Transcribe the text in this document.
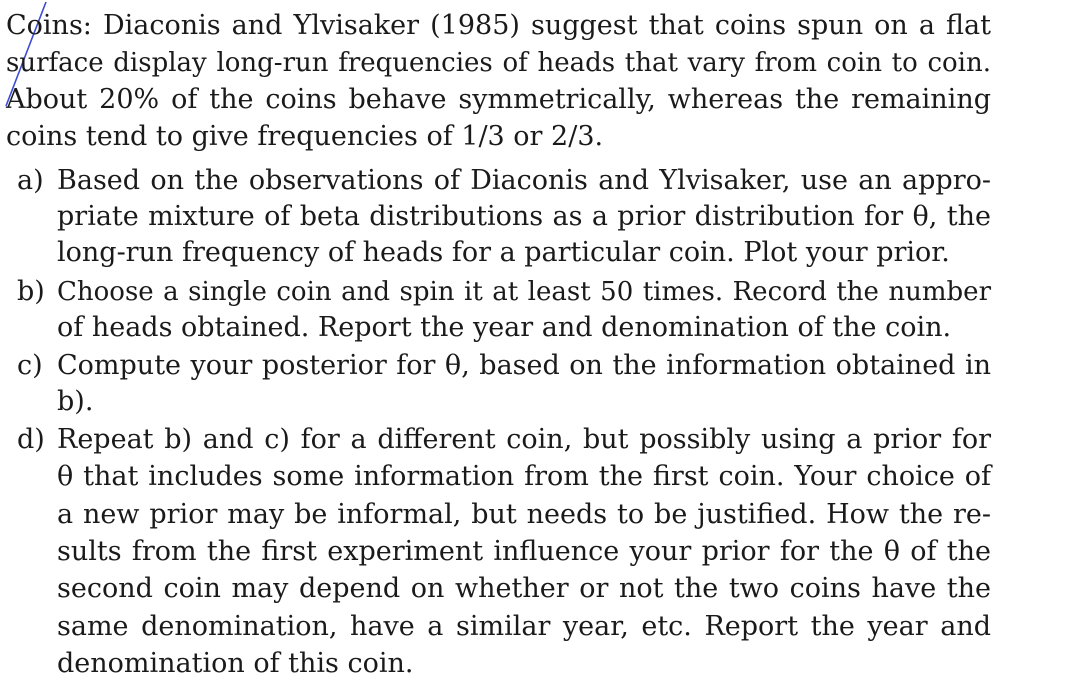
Coins: Diaconis and Ylvisaker (1985) suggest that coins spun on a flat
surface display long-run frequencies of heads that vary from coin to coin.
About 20% of the coins behave symmetrically, whereas the remaining
coins tend to give frequencies of 1/3 or 2/3.
a) Based on the observations of Diaconis and Ylvisaker, use an appro-
priate mixture of beta distributions as a prior distribution for θ, the
long-run frequency of heads for a particular coin. Plot your prior.
b) Choose a single coin and spin it at least 50 times. Record the number
of heads obtained. Report the year and denomination of the coin.
c) Compute your posterior for θ, based on the information obtained in
b).
d) Repeat b) and c) for a different coin, but possibly using a prior for
θ that includes some information from the first coin. Your choice of
a new prior may be informal, but needs to be justified. How the re-
sults from the first experiment influence your prior for the θ of the
second coin may depend on whether or not the two coins have the
same denomination, have a similar year, etc. Report the year and
denomination of this coin.
